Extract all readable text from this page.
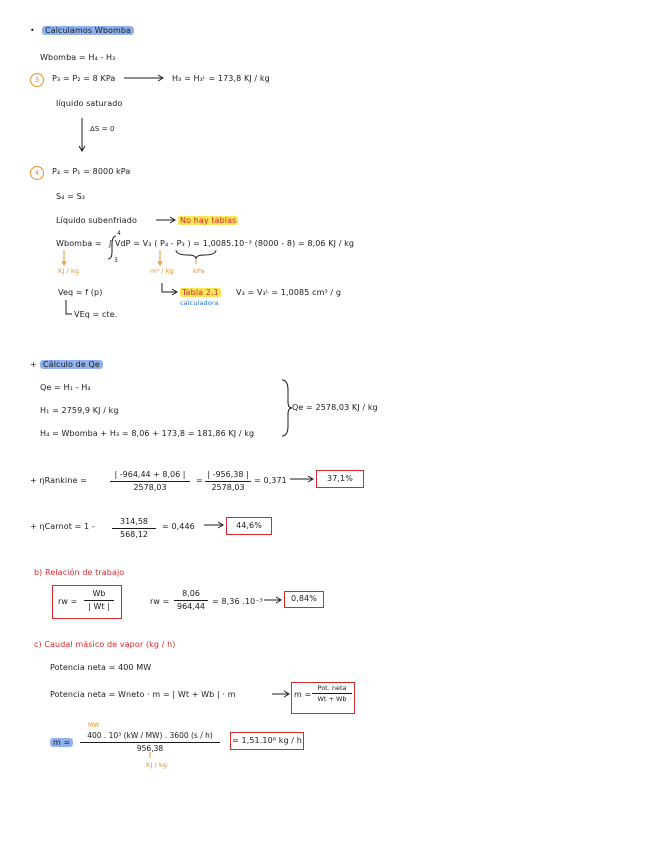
•	Calculamos Wbomba
Wbomba = H₄ - H₃
3	P₃ = P₂ = 8 KPa	H₃ = H₃ᴸ = 173,8 KJ / kg
líquido saturado
ΔS = 0
4	P₄ = P₁ = 8000 kPa
S₄ = S₃
Líquido subenfriado	No hay tablas
Wbomba = ∫ VdP = V₃ ( P₄ - P₃ ) = 1,0085.10⁻³ (8000 - 8) = 8,06 KJ / kg
4
3
KJ / kg	m³ / kg	kPa
Veq = f (p)
VEq = cte.
Tabla 2.1 V₃ = V₃ᴸ = 1,0085 cm³ / g
calculadora
+ Cálculo de Qe
Qe = H₁ - H₄
H₁ = 2759,9 KJ / kg
H₄ = Wbomba + H₃ = 8,06 + 173,8 = 181,86 KJ / kg
Qe = 2578,03 KJ / kg
+ ηRankine =
| -964,44 + 8,06 |
2578,03
=
| -956,38 |
2578,03
= 0,371	37,1%
+ ηCarnot = 1 -
314,58
568,12
= 0,446	44,6%
b) Relación de trabajo
rw =
Wb
| Wt |
rw =
8,06
964,44
= 8,36 .10⁻³	0,84%
c) Caudal másico de vapor (kg / h)
Potencia neta = 400 MW
Potencia neta = Wneto · m = | Wt + Wb | · m	m =
Pot. neta
Wt + Wb
m =
MW
400 . 10³ (kW / MW) . 3600 (s / h)
956,38
KJ / kg
= 1,51.10⁶ kg / h
